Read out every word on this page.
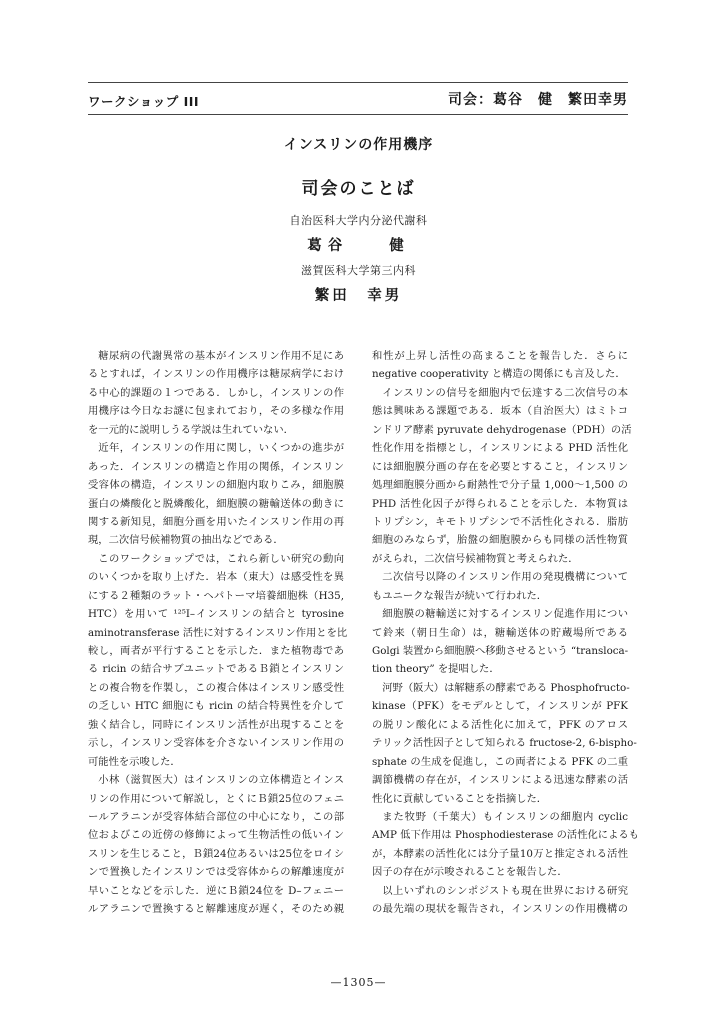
ワークショップ III	司会：葛谷　健　繁田幸男
インスリンの作用機序
司会のことば
自治医科大学内分泌代謝科
葛谷　　健
滋賀医科大学第三内科
繁田　幸男
糖尿病の代謝異常の基本がインスリン作用不足にあ
るとすれば，インスリンの作用機序は糖尿病学におけ
る中心的課題の１つである．しかし，インスリンの作
用機序は今日なお謎に包まれており，その多様な作用
を一元的に説明しうる学説は生れていない．
近年，インスリンの作用に関し，いくつかの進歩が
あった．インスリンの構造と作用の関係，インスリン
受容体の構造，インスリンの細胞内取りこみ，細胞膜
蛋白の燐酸化と脱燐酸化，細胞膜の糖輸送体の動きに
関する新知見，細胞分画を用いたインスリン作用の再
現，二次信号候補物質の抽出などである．
このワークショップでは，これら新しい研究の動向
のいくつかを取り上げた．岩本（東大）は感受性を異
にする２種類のラット・ヘパトーマ培養細胞株（H35,
HTC）を用いて ¹²⁵I–インスリンの結合と tyrosine
aminotransferase 活性に対するインスリン作用とを比
較し，両者が平行することを示した．また植物毒であ
る ricin の結合サブユニットであるＢ鎖とインスリン
との複合物を作製し，この複合体はインスリン感受性
の乏しい HTC 細胞にも ricin の結合特異性を介して
強く結合し，同時にインスリン活性が出現することを
示し，インスリン受容体を介さないインスリン作用の
可能性を示唆した．
小林（滋賀医大）はインスリンの立体構造とインス
リンの作用について解説し，とくにＢ鎖25位のフェニ
ールアラニンが受容体結合部位の中心になり，この部
位およびこの近傍の修飾によって生物活性の低いイン
スリンを生じること，Ｂ鎖24位あるいは25位をロイシ
ンで置換したインスリンでは受容体からの解離速度が
早いことなどを示した．逆にＢ鎖24位を D–フェニー
ルアラニンで置換すると解離速度が遅く，そのため親
和性が上昇し活性の高まることを報告した．さらに
negative cooperativity と構造の関係にも言及した．
インスリンの信号を細胞内で伝達する二次信号の本
態は興味ある課題である．坂本（自治医大）はミトコ
ンドリア酵素 pyruvate dehydrogenase（PDH）の活
性化作用を指標とし，インスリンによる PHD 活性化
には細胞膜分画の存在を必要とすること，インスリン
処理細胞膜分画から耐熱性で分子量 1,000～1,500 の
PHD 活性化因子が得られることを示した．本物質は
トリプシン，キモトリプシンで不活性化される．脂肪
細胞のみならず，胎盤の細胞膜からも同様の活性物質
がえられ，二次信号候補物質と考えられた．
二次信号以降のインスリン作用の発現機構について
もユニークな報告が続いて行われた．
細胞膜の糖輸送に対するインスリン促進作用につい
て鈴来（朝日生命）は，糖輸送体の貯蔵場所である
Golgi 装置から細胞膜へ移動させるという “transloca-
tion theory” を提唱した．
河野（阪大）は解糖系の酵素である Phosphofructo-
kinase（PFK）をモデルとして，インスリンが PFK
の脱リン酸化による活性化に加えて，PFK のアロス
テリック活性因子として知られる fructose-2, 6-bispho-
sphate の生成を促進し，この両者による PFK の二重
調節機構の存在が，インスリンによる迅速な酵素の活
性化に貢献していることを指摘した．
また牧野（千葉大）もインスリンの細胞内 cyclic
AMP 低下作用は Phosphodiesterase の活性化によるも
が，本酵素の活性化には分子量10万と推定される活性
因子の存在が示唆されることを報告した．
以上いずれのシンポジストも現在世界における研究
の最先端の現状を報告され，インスリンの作用機構の
—1305—
